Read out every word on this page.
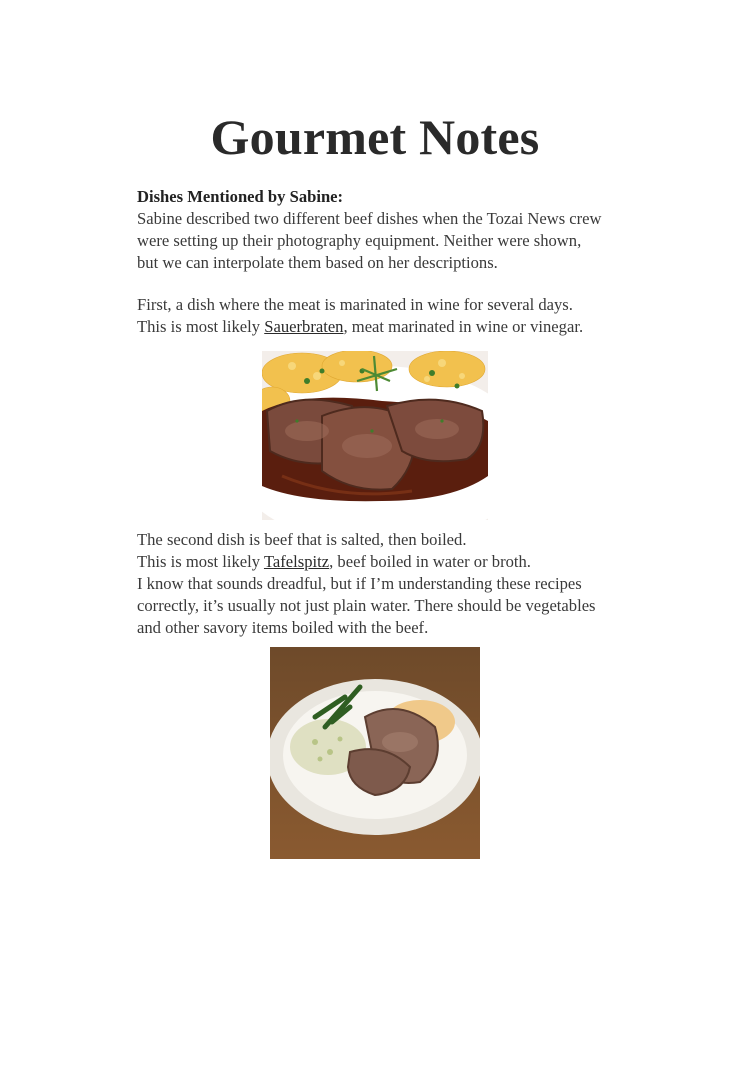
Gourmet Notes
Dishes Mentioned by Sabine:
Sabine described two different beef dishes when the Tozai News crew
were setting up their photography equipment. Neither were shown,
but we can interpolate them based on her descriptions.
First, a dish where the meat is marinated in wine for several days.
This is most likely Sauerbraten, meat marinated in wine or vinegar.
The second dish is beef that is salted, then boiled.
This is most likely Tafelspitz, beef boiled in water or broth.
I know that sounds dreadful, but if I’m understanding these recipes
correctly, it’s usually not just plain water. There should be vegetables
and other savory items boiled with the beef.
